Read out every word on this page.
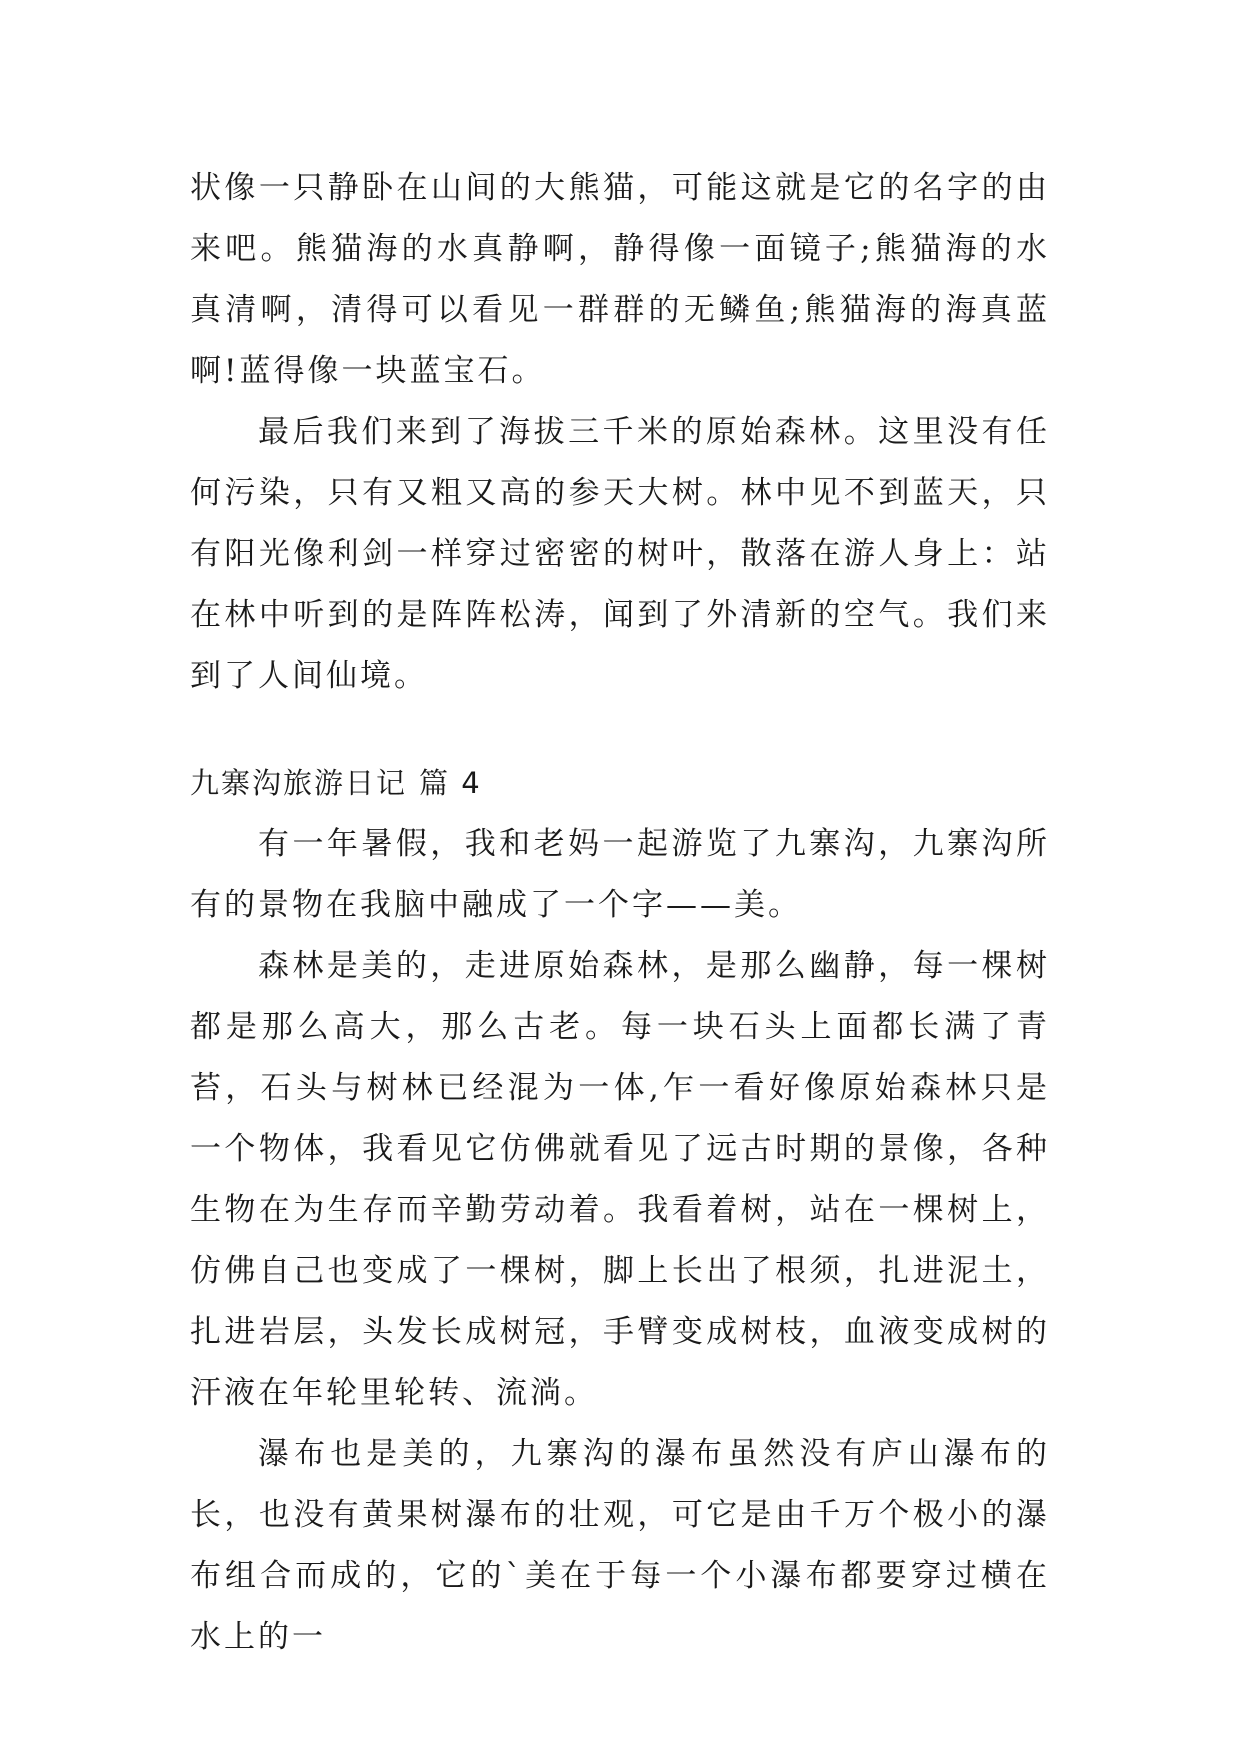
状像一只静卧在山间的大熊猫，可能这就是它的名字的由来吧。熊猫海的水真静啊，静得像一面镜子;熊猫海的水真清啊，清得可以看见一群群的无鳞鱼;熊猫海的海真蓝啊!蓝得像一块蓝宝石。

最后我们来到了海拔三千米的原始森林。这里没有任何污染，只有又粗又高的参天大树。林中见不到蓝天，只有阳光像利剑一样穿过密密的树叶，散落在游人身上：站在林中听到的是阵阵松涛，闻到了外清新的空气。我们来到了人间仙境。

九寨沟旅游日记 篇 4

有一年暑假，我和老妈一起游览了九寨沟，九寨沟所有的景物在我脑中融成了一个字——美。

森林是美的，走进原始森林，是那么幽静，每一棵树都是那么高大，那么古老。每一块石头上面都长满了青苔，石头与树林已经混为一体,乍一看好像原始森林只是一个物体，我看见它仿佛就看见了远古时期的景像，各种生物在为生存而辛勤劳动着。我看着树，站在一棵树上，仿佛自己也变成了一棵树，脚上长出了根须，扎进泥土，扎进岩层，头发长成树冠，手臂变成树枝，血液变成树的汗液在年轮里轮转、流淌。

瀑布也是美的，九寨沟的瀑布虽然没有庐山瀑布的长，也没有黄果树瀑布的壮观，可它是由千万个极小的瀑布组合而成的，它的`美在于每一个小瀑布都要穿过横在水上的一
